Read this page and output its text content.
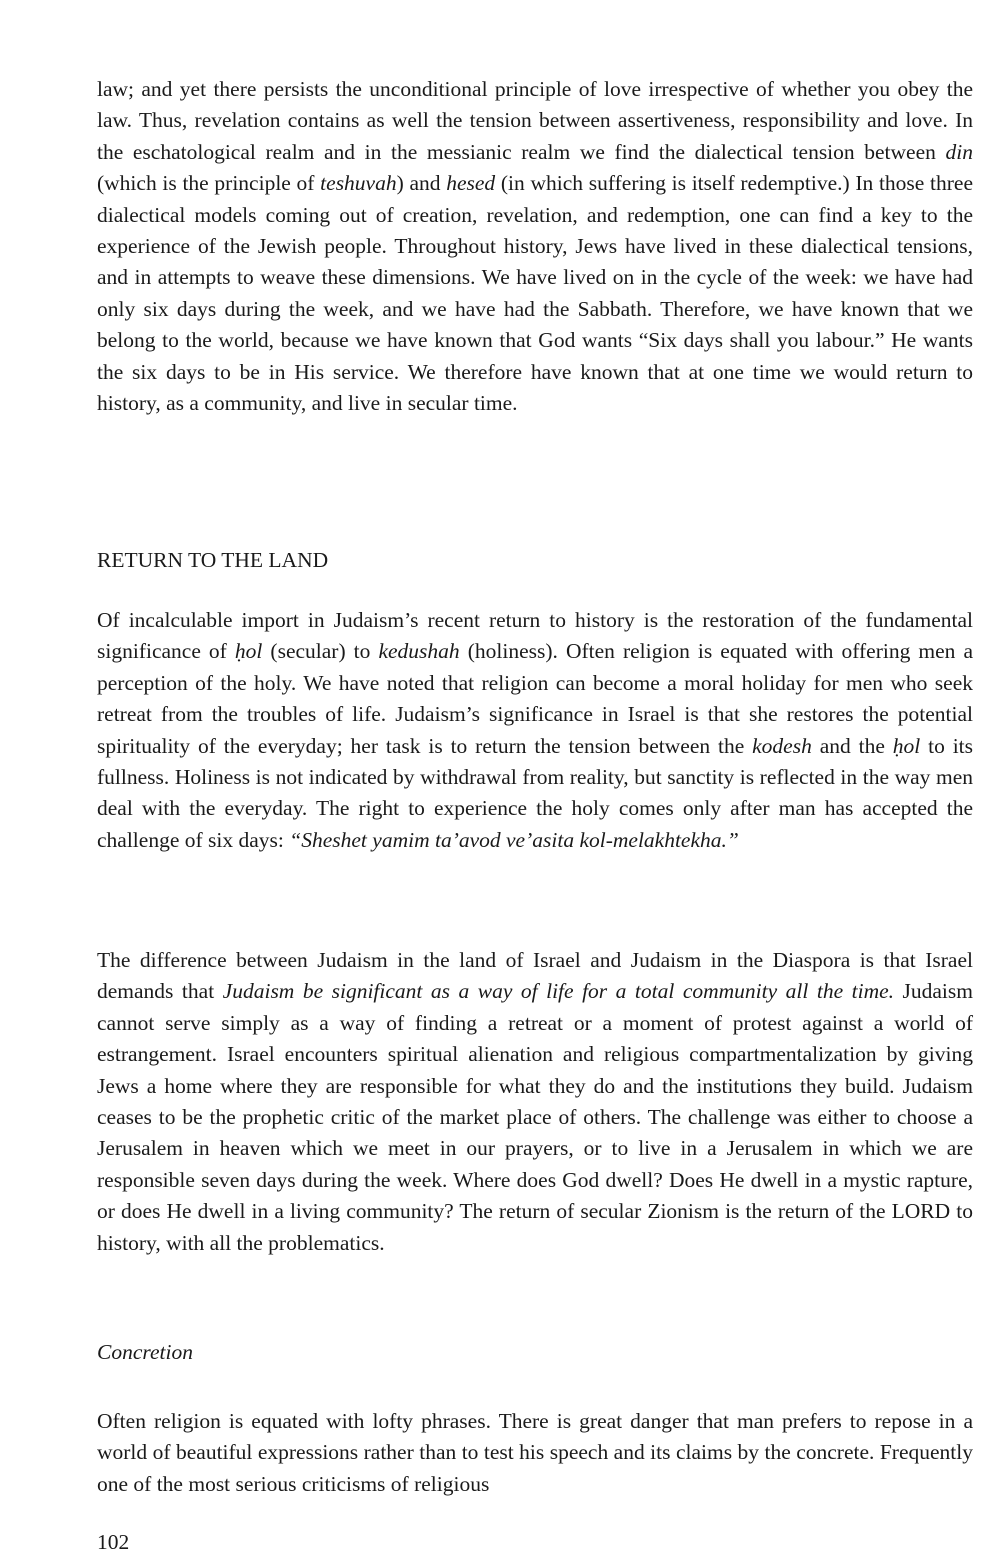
law; and yet there persists the unconditional principle of love irrespective of whether you obey the law. Thus, revelation contains as well the tension between assertiveness, responsibility and love. In the eschatological realm and in the messianic realm we find the dialectical tension between din (which is the principle of teshuvah) and hesed (in which suffering is itself redemptive.) In those three dialectical models coming out of creation, revelation, and redemption, one can find a key to the experience of the Jewish people. Throughout history, Jews have lived in these dialectical tensions, and in attempts to weave these dimensions. We have lived on in the cycle of the week: we have had only six days during the week, and we have had the Sabbath. Therefore, we have known that we belong to the world, because we have known that God wants “Six days shall you labour.” He wants the six days to be in His service. We therefore have known that at one time we would return to history, as a community, and live in secular time.

RETURN TO THE LAND

Of incalculable import in Judaism’s recent return to history is the restoration of the fundamental significance of ḥol (secular) to kedushah (holiness). Often religion is equated with offering men a perception of the holy. We have noted that religion can become a moral holiday for men who seek retreat from the troubles of life. Judaism’s significance in Israel is that she restores the potential spirituality of the everyday; her task is to return the tension between the kodesh and the ḥol to its fullness. Holiness is not indicated by withdrawal from reality, but sanctity is reflected in the way men deal with the everyday. The right to experience the holy comes only after man has accepted the challenge of six days: “Sheshet yamim ta’avod ve’asita kol-melakhtekha.”

The difference between Judaism in the land of Israel and Judaism in the Diaspora is that Israel demands that Judaism be significant as a way of life for a total community all the time. Judaism cannot serve simply as a way of finding a retreat or a moment of protest against a world of estrangement. Israel encounters spiritual alienation and religious compartmentalization by giving Jews a home where they are responsible for what they do and the institutions they build. Judaism ceases to be the prophetic critic of the market place of others. The challenge was either to choose a Jerusalem in heaven which we meet in our prayers, or to live in a Jerusalem in which we are responsible seven days during the week. Where does God dwell? Does He dwell in a mystic rapture, or does He dwell in a living community? The return of secular Zionism is the return of the LORD to history, with all the problematics.

Concretion

Often religion is equated with lofty phrases. There is great danger that man prefers to repose in a world of beautiful expressions rather than to test his speech and its claims by the concrete. Frequently one of the most serious criticisms of religious

102
